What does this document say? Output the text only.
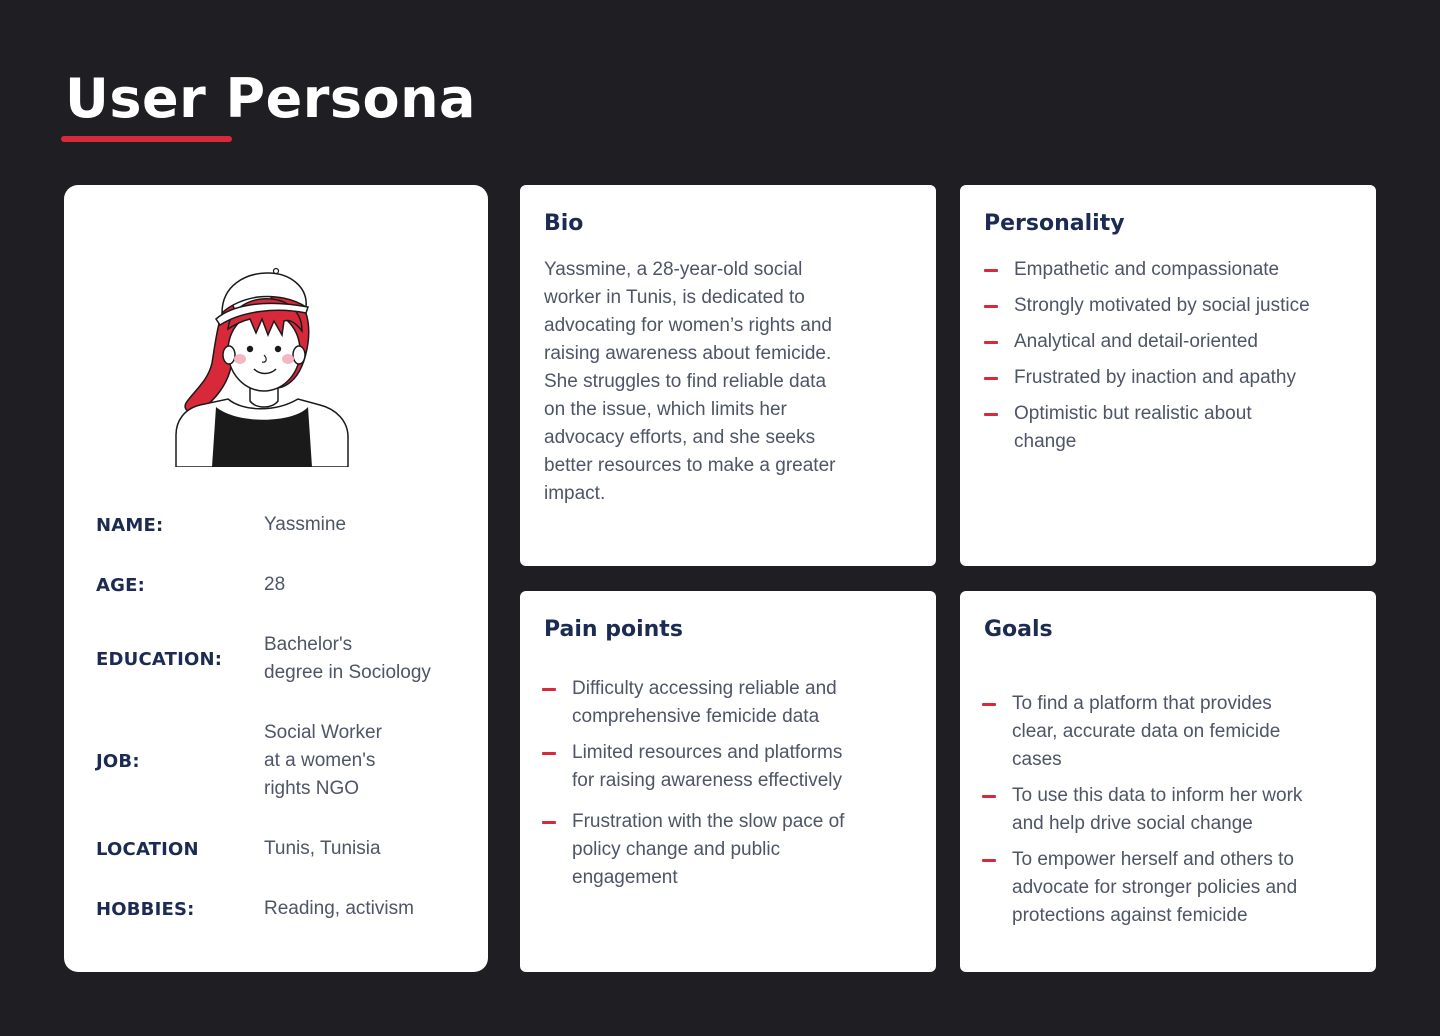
User Persona
NAME:	Yassmine
AGE:	28
EDUCATION:
Bachelor's
degree in Sociology
JOB:
Social Worker
at a women's
rights NGO
LOCATION	Tunis, Tunisia
HOBBIES:	Reading, activism
Bio
Yassmine, a 28-year-old social
worker in Tunis, is dedicated to
advocating for women’s rights and
raising awareness about femicide.
She struggles to find reliable data
on the issue, which limits her
advocacy efforts, and she seeks
better resources to make a greater
impact.
Personality
Empathetic and compassionate
Strongly motivated by social justice
Analytical and detail-oriented
Frustrated by inaction and apathy
Optimistic but realistic about
change
Pain points
Difficulty accessing reliable and
comprehensive femicide data
Limited resources and platforms
for raising awareness effectively
Frustration with the slow pace of
policy change and public
engagement
Goals
To find a platform that provides
clear, accurate data on femicide
cases
To use this data to inform her work
and help drive social change
To empower herself and others to
advocate for stronger policies and
protections against femicide
